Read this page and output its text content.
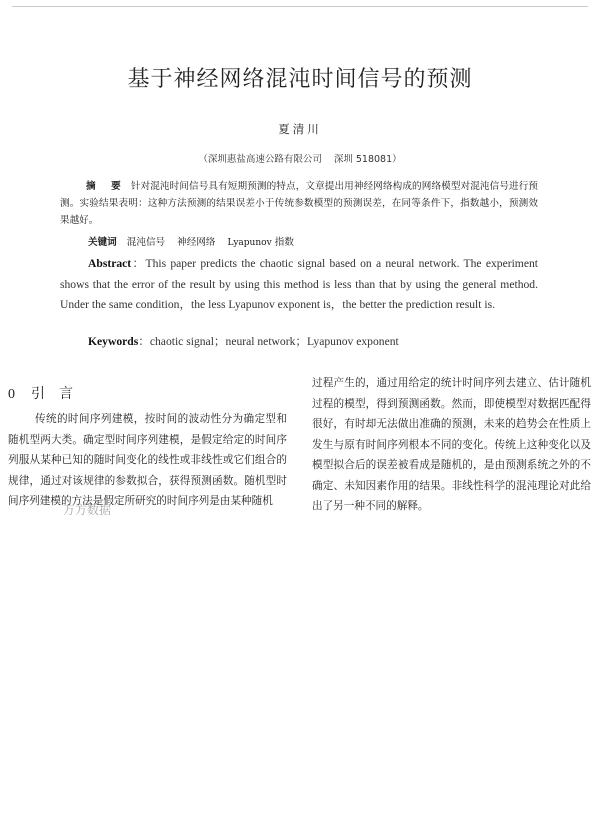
基于神经网络混沌时间信号的预测
夏清川
（深圳惠盐高速公路有限公司 深圳 518081）
摘 要 针对混沌时间信号具有短期预测的特点，文章提出用神经网络构成的网络模型对混沌信号进行预测。实验结果表明：这种方法预测的结果误差小于传统参数模型的预测误差，在同等条件下，指数越小，预测效果越好。
关键词 混沌信号 神经网络 Lyapunov 指数
Abstract：This paper predicts the chaotic signal based on a neural network. The experiment shows that the error of the result by using this method is less than that by using the general method. Under the same condition，the less Lyapunov exponent is，the better the prediction result is.
Keywords：chaotic signal；neural network；Lyapunov exponent
0 引言

传统的时间序列建模，按时间的波动性分为确定型和随机型两大类。确定型时间序列建模，是假定给定的时间序列服从某种已知的随时间变化的线性或非线性或它们组合的规律，通过对该规律的参数拟合，获得预测函数。随机型时间序列建模的方法是假定所研究的时间序列是由某种随机

过程产生的，通过用给定的统计时间序列去建立、估计随机过程的模型，得到预测函数。然而，即使模型对数据匹配得很好，有时却无法做出准确的预测，未来的趋势会在性质上发生与原有时间序列根本不同的变化。传统上这种变化以及模型拟合后的误差被看成是随机的，是由预测系统之外的不确定、未知因素作用的结果。非线性科学的混沌理论对此给出了另一种不同的解释。

万方数据
